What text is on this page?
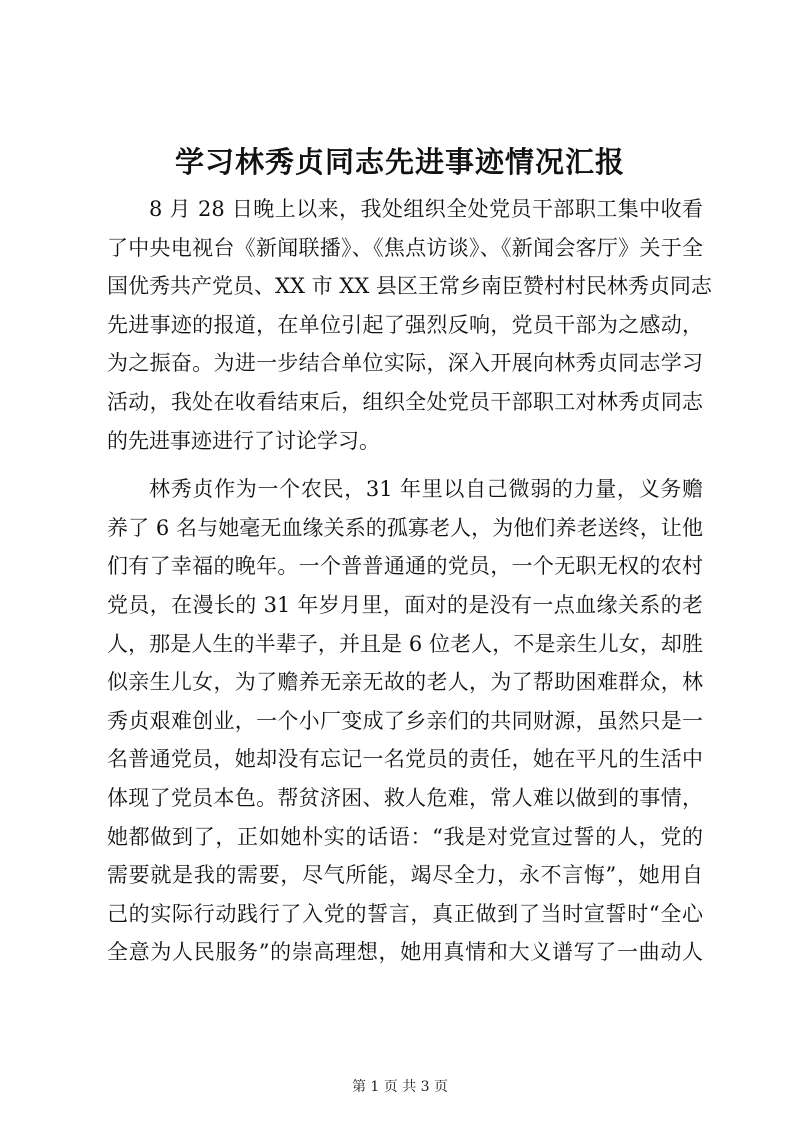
学习林秀贞同志先进事迹情况汇报
8 月 28 日晚上以来，我处组织全处党员干部职工集中收看
了中央电视台《新闻联播》、《焦点访谈》、《新闻会客厅》关于全
国优秀共产党员、XX 市 XX 县区王常乡南臣赞村村民林秀贞同志
先进事迹的报道，在单位引起了强烈反响，党员干部为之感动，
为之振奋。为进一步结合单位实际，深入开展向林秀贞同志学习
活动，我处在收看结束后，组织全处党员干部职工对林秀贞同志
的先进事迹进行了讨论学习。
林秀贞作为一个农民，31 年里以自己微弱的力量，义务赡
养了 6 名与她毫无血缘关系的孤寡老人，为他们养老送终，让他
们有了幸福的晚年。一个普普通通的党员，一个无职无权的农村
党员，在漫长的 31 年岁月里，面对的是没有一点血缘关系的老
人，那是人生的半辈子，并且是 6 位老人，不是亲生儿女，却胜
似亲生儿女，为了赡养无亲无故的老人，为了帮助困难群众，林
秀贞艰难创业，一个小厂变成了乡亲们的共同财源，虽然只是一
名普通党员，她却没有忘记一名党员的责任，她在平凡的生活中
体现了党员本色。帮贫济困、救人危难，常人难以做到的事情，
她都做到了，正如她朴实的话语：“我是对党宣过誓的人，党的
需要就是我的需要，尽气所能，竭尽全力，永不言悔”，她用自
己的实际行动践行了入党的誓言，真正做到了当时宣誓时“全心
全意为人民服务”的崇高理想，她用真情和大义谱写了一曲动人
第 1 页 共 3 页
